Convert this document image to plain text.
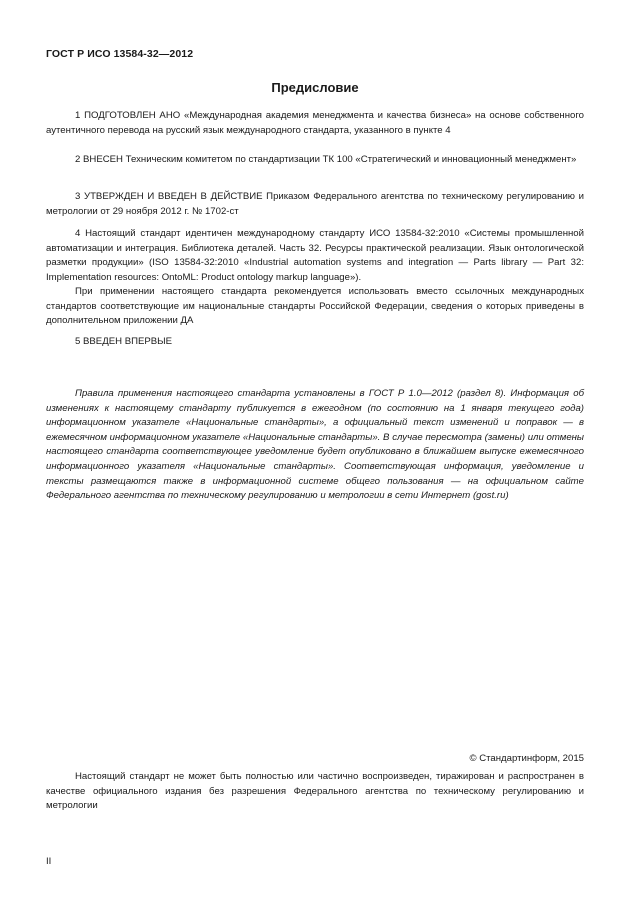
ГОСТ Р ИСО 13584-32—2012
Предисловие

1 ПОДГОТОВЛЕН АНО «Международная академия менеджмента и качества бизнеса» на основе собственного аутентичного перевода на русский язык международного стандарта, указанного в пункте 4

2 ВНЕСЕН Техническим комитетом по стандартизации ТК 100 «Стратегический и инновационный менеджмент»

3 УТВЕРЖДЕН И ВВЕДЕН В ДЕЙСТВИЕ Приказом Федерального агентства по техническому регулированию и метрологии от 29 ноября 2012 г. № 1702-ст

4 Настоящий стандарт идентичен международному стандарту ИСО 13584-32:2010 «Системы промышленной автоматизации и интеграция. Библиотека деталей. Часть 32. Ресурсы практической реализации. Язык онтологической разметки продукции» (ISO 13584-32:2010 «Industrial automation systems and integration — Parts library — Part 32: Implementation resources: OntoML: Product ontology markup language»).

При применении настоящего стандарта рекомендуется использовать вместо ссылочных международных стандартов соответствующие им национальные стандарты Российской Федерации, сведения о которых приведены в дополнительном приложении ДА

5 ВВЕДЕН ВПЕРВЫЕ

Правила применения настоящего стандарта установлены в ГОСТ Р 1.0—2012 (раздел 8). Информация об изменениях к настоящему стандарту публикуется в ежегодном (по состоянию на 1 января текущего года) информационном указателе «Национальные стандарты», а официальный текст изменений и поправок — в ежемесячном информационном указателе «Национальные стандарты». В случае пересмотра (замены) или отмены настоящего стандарта соответствующее уведомление будет опубликовано в ближайшем выпуске ежемесячного информационного указателя «Национальные стандарты». Соответствующая информация, уведомление и тексты размещаются также в информационной системе общего пользования — на официальном сайте Федерального агентства по техническому регулированию и метрологии в сети Интернет (gost.ru)

© Стандартинформ, 2015

Настоящий стандарт не может быть полностью или частично воспроизведен, тиражирован и распространен в качестве официального издания без разрешения Федерального агентства по техническому регулированию и метрологии

II
